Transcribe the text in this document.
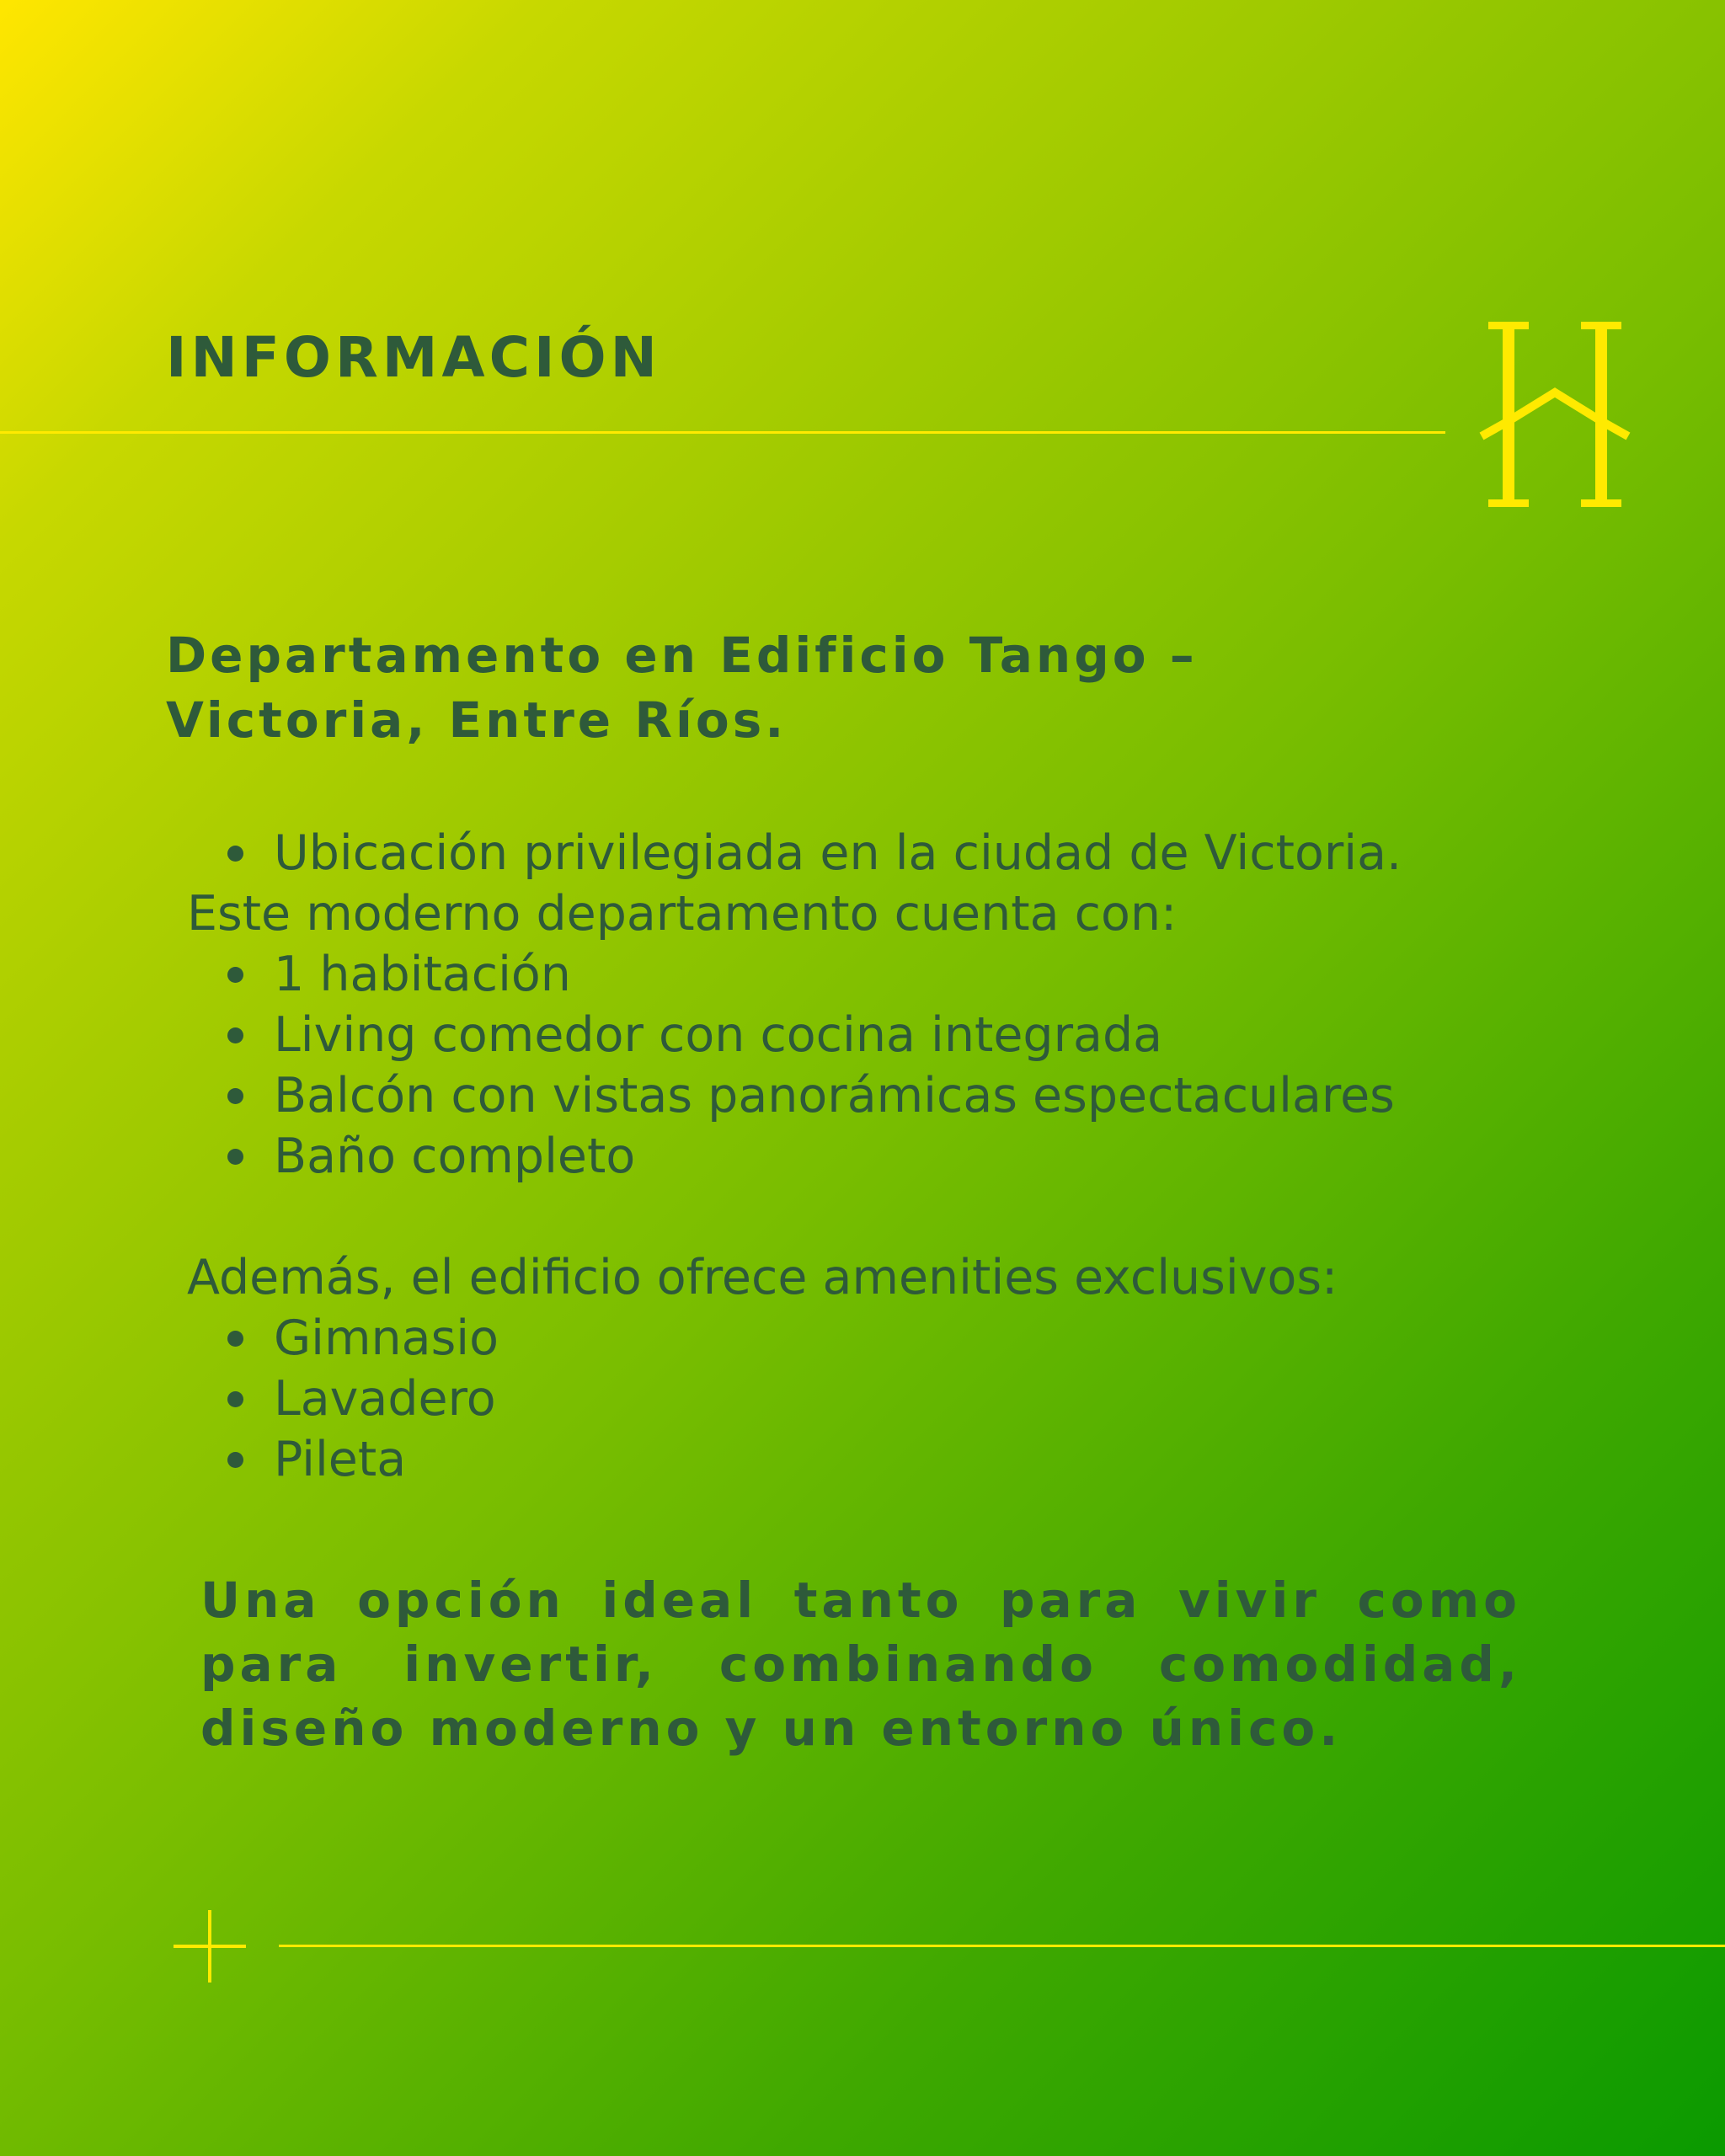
INFORMACIÓN
Departamento en Edificio Tango –
Victoria, Entre Ríos.
Ubicación privilegiada en la ciudad de Victoria.

Este moderno departamento cuenta con:

1 habitación
Living comedor con cocina integrada
Balcón con vistas panorámicas espectaculares
Baño completo

Además, el edificio ofrece amenities exclusivos:

Gimnasio
Lavadero
Pileta
Una opción ideal tanto para vivir como para invertir, combinando comodidad, diseño moderno y un entorno único.
